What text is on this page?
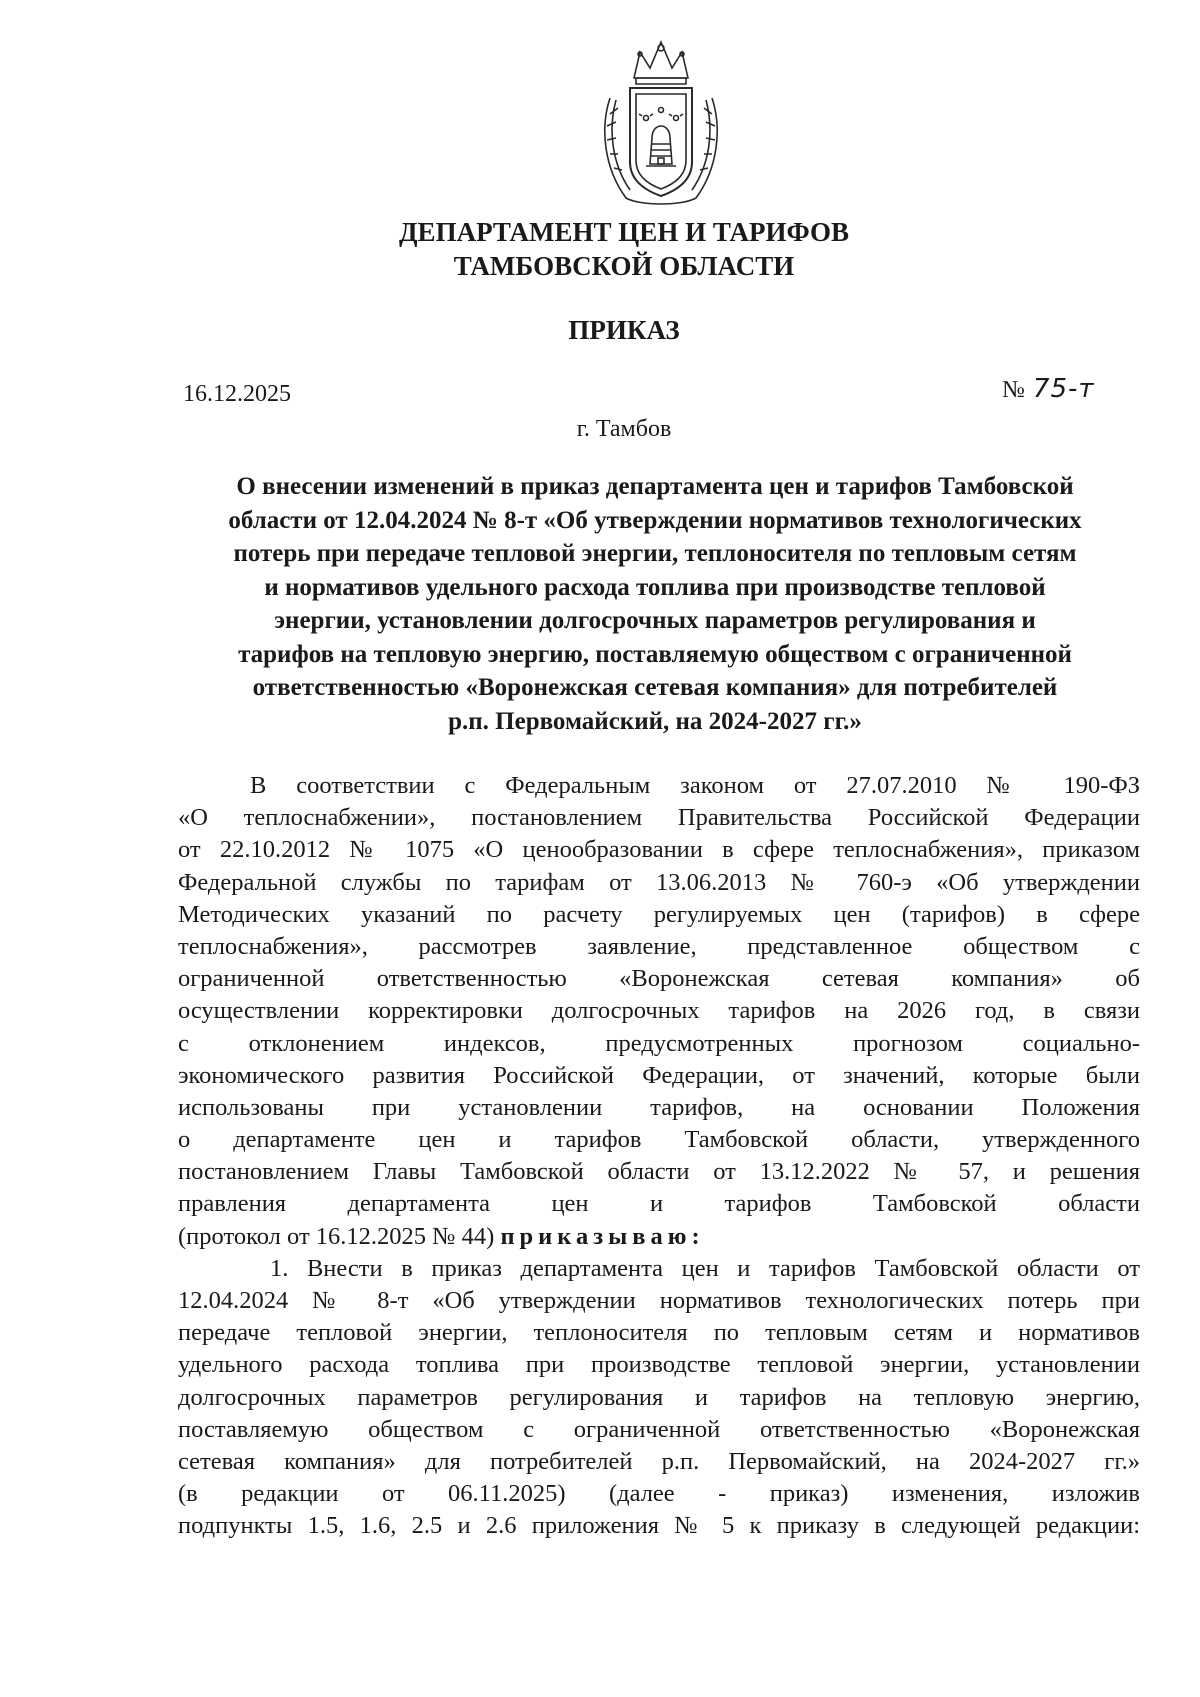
ДЕПАРТАМЕНТ ЦЕН И ТАРИФОВ
ТАМБОВСКОЙ ОБЛАСТИ
ПРИКАЗ
16.12.2025	№ 75-т
г. Тамбов
О внесении изменений в приказ департамента цен и тарифов Тамбовской
области от 12.04.2024 № 8-т «Об утверждении нормативов технологических
потерь при передаче тепловой энергии, теплоносителя по тепловым сетям
и нормативов удельного расхода топлива при производстве тепловой
энергии, установлении долгосрочных параметров регулирования и
тарифов на тепловую энергию, поставляемую обществом с ограниченной
ответственностью «Воронежская сетевая компания» для потребителей
р.п. Первомайский, на 2024-2027 гг.»
В соответствии с Федеральным законом от 27.07.2010 № 190-ФЗ
«О теплоснабжении», постановлением Правительства Российской Федерации
от 22.10.2012 № 1075 «О ценообразовании в сфере теплоснабжения», приказом
Федеральной службы по тарифам от 13.06.2013 № 760-э «Об утверждении
Методических указаний по расчету регулируемых цен (тарифов) в сфере
теплоснабжения», рассмотрев заявление, представленное обществом с
ограниченной ответственностью «Воронежская сетевая компания» об
осуществлении корректировки долгосрочных тарифов на 2026 год, в связи
с отклонением индексов, предусмотренных прогнозом социально-
экономического развития Российской Федерации, от значений, которые были
использованы при установлении тарифов, на основании Положения
о департаменте цен и тарифов Тамбовской области, утвержденного
постановлением Главы Тамбовской области от 13.12.2022 № 57, и решения
правления департамента цен и тарифов Тамбовской области
(протокол от 16.12.2025 № 44) приказываю:
1. Внести в приказ департамента цен и тарифов Тамбовской области от
12.04.2024 № 8-т «Об утверждении нормативов технологических потерь при
передаче тепловой энергии, теплоносителя по тепловым сетям и нормативов
удельного расхода топлива при производстве тепловой энергии, установлении
долгосрочных параметров регулирования и тарифов на тепловую энергию,
поставляемую обществом с ограниченной ответственностью «Воронежская
сетевая компания» для потребителей р.п. Первомайский, на 2024-2027 гг.»
(в редакции от 06.11.2025) (далее - приказ) изменения, изложив
подпункты 1.5, 1.6, 2.5 и 2.6 приложения № 5 к приказу в следующей редакции:
